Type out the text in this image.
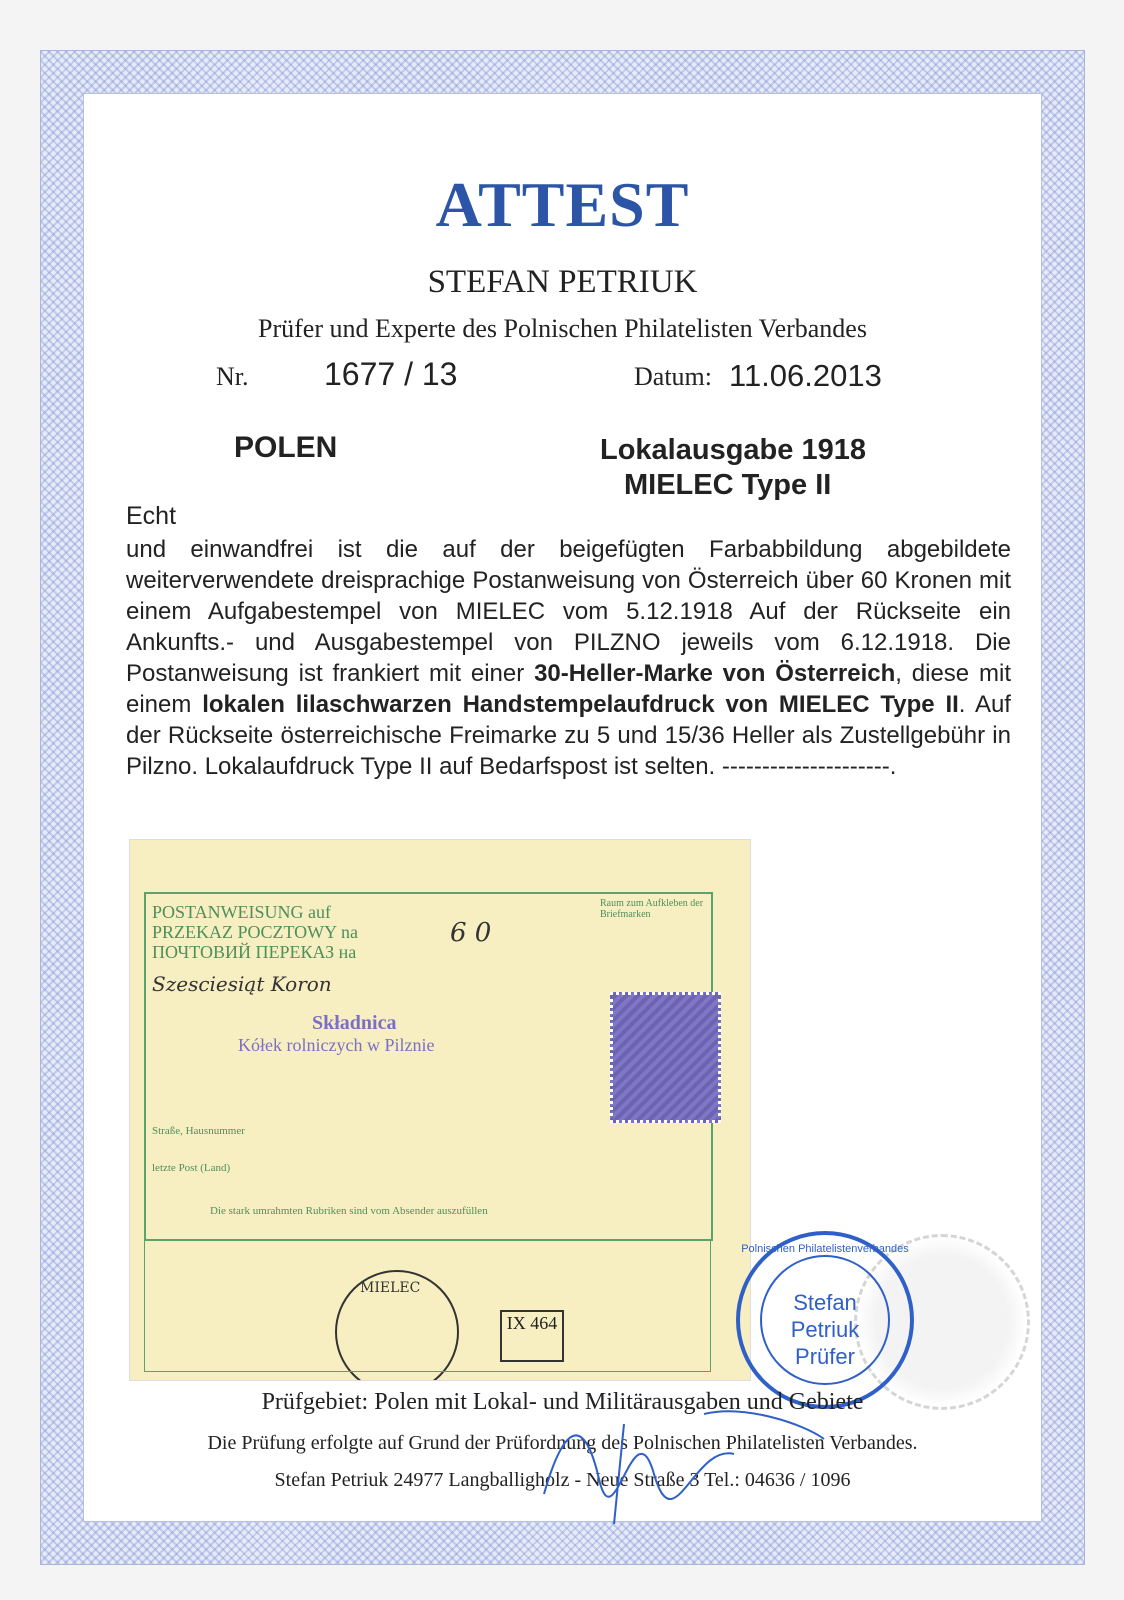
ATTEST
STEFAN PETRIUK
Prüfer und Experte des Polnischen Philatelisten Verbandes
Nr. 1677 / 13	Datum: 11.06.2013
POLEN	Lokalausgabe 1918
MIELEC Type II
Echt
und einwandfrei ist die auf der beigefügten Farbabbildung abgebildete weiterverwendete dreisprachige Postanweisung von Österreich über 60 Kronen mit einem Aufgabestempel von MIELEC vom 5.12.1918 Auf der Rückseite ein Ankunfts.- und Ausgabestempel von PILZNO jeweils vom 6.12.1918. Die Postanweisung ist frankiert mit einer 30-Heller-Marke von Österreich, diese mit einem lokalen lilaschwarzen Handstempelaufdruck von MIELEC Type II. Auf der Rückseite österreichische Freimarke zu 5 und 15/36 Heller als Zustellgebühr in Pilzno. Lokalaufdruck Type II auf Bedarfspost ist selten. ---------------------.
POSTANWEISUNG auf
PRZEKAZ POCZTOWY na
ПОЧТОВИЙ ПЕРЕКАЗ на
6 0
Szesciesiąt Koron
Składnica
Kółek rolniczych w Pilznie
Straße, Hausnummer
letzte Post (Land)
Die stark umrahmten Rubriken sind vom Absender auszufüllen
Raum zum Aufkleben der Briefmarken
MIELEC
IX 464
Stefan
Petriuk
Prüfer
Polnischen Philatelistenverbandes
Prüfgebiet: Polen mit Lokal- und Militärausgaben und Gebiete
Die Prüfung erfolgte auf Grund der Prüfordnung des Polnischen Philatelisten Verbandes.
Stefan Petriuk 24977 Langballigholz - Neue Straße 3 Tel.: 04636 / 1096
